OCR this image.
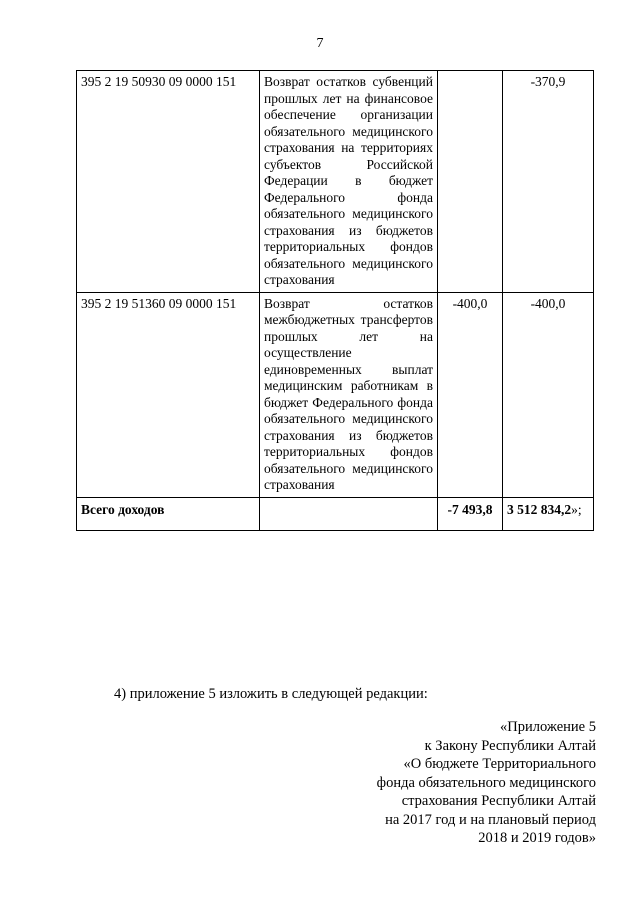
7
395 2 19 50930 09 0000 151	Возврат остатков субвенций прошлых лет на финансовое обеспечение организации обязательного медицинского страхования на территориях субъектов Российской Федерации в бюджет Федерального фонда обязательного медицинского страхования из бюджетов территориальных фондов обязательного медицинского страхования		-370,9
395 2 19 51360 09 0000 151	Возврат остатков межбюджетных трансфертов прошлых лет на осуществление единовременных выплат медицинским работникам в бюджет Федерального фонда обязательного медицинского страхования из бюджетов территориальных фондов обязательного медицинского страхования	-400,0	-400,0
Всего доходов		-7 493,8	3 512 834,2»;
4) приложение 5 изложить в следующей редакции:
«Приложение 5
к Закону Республики Алтай
«О бюджете Территориального
фонда обязательного медицинского
страхования Республики Алтай
на 2017 год и на плановый период
2018 и 2019 годов»
